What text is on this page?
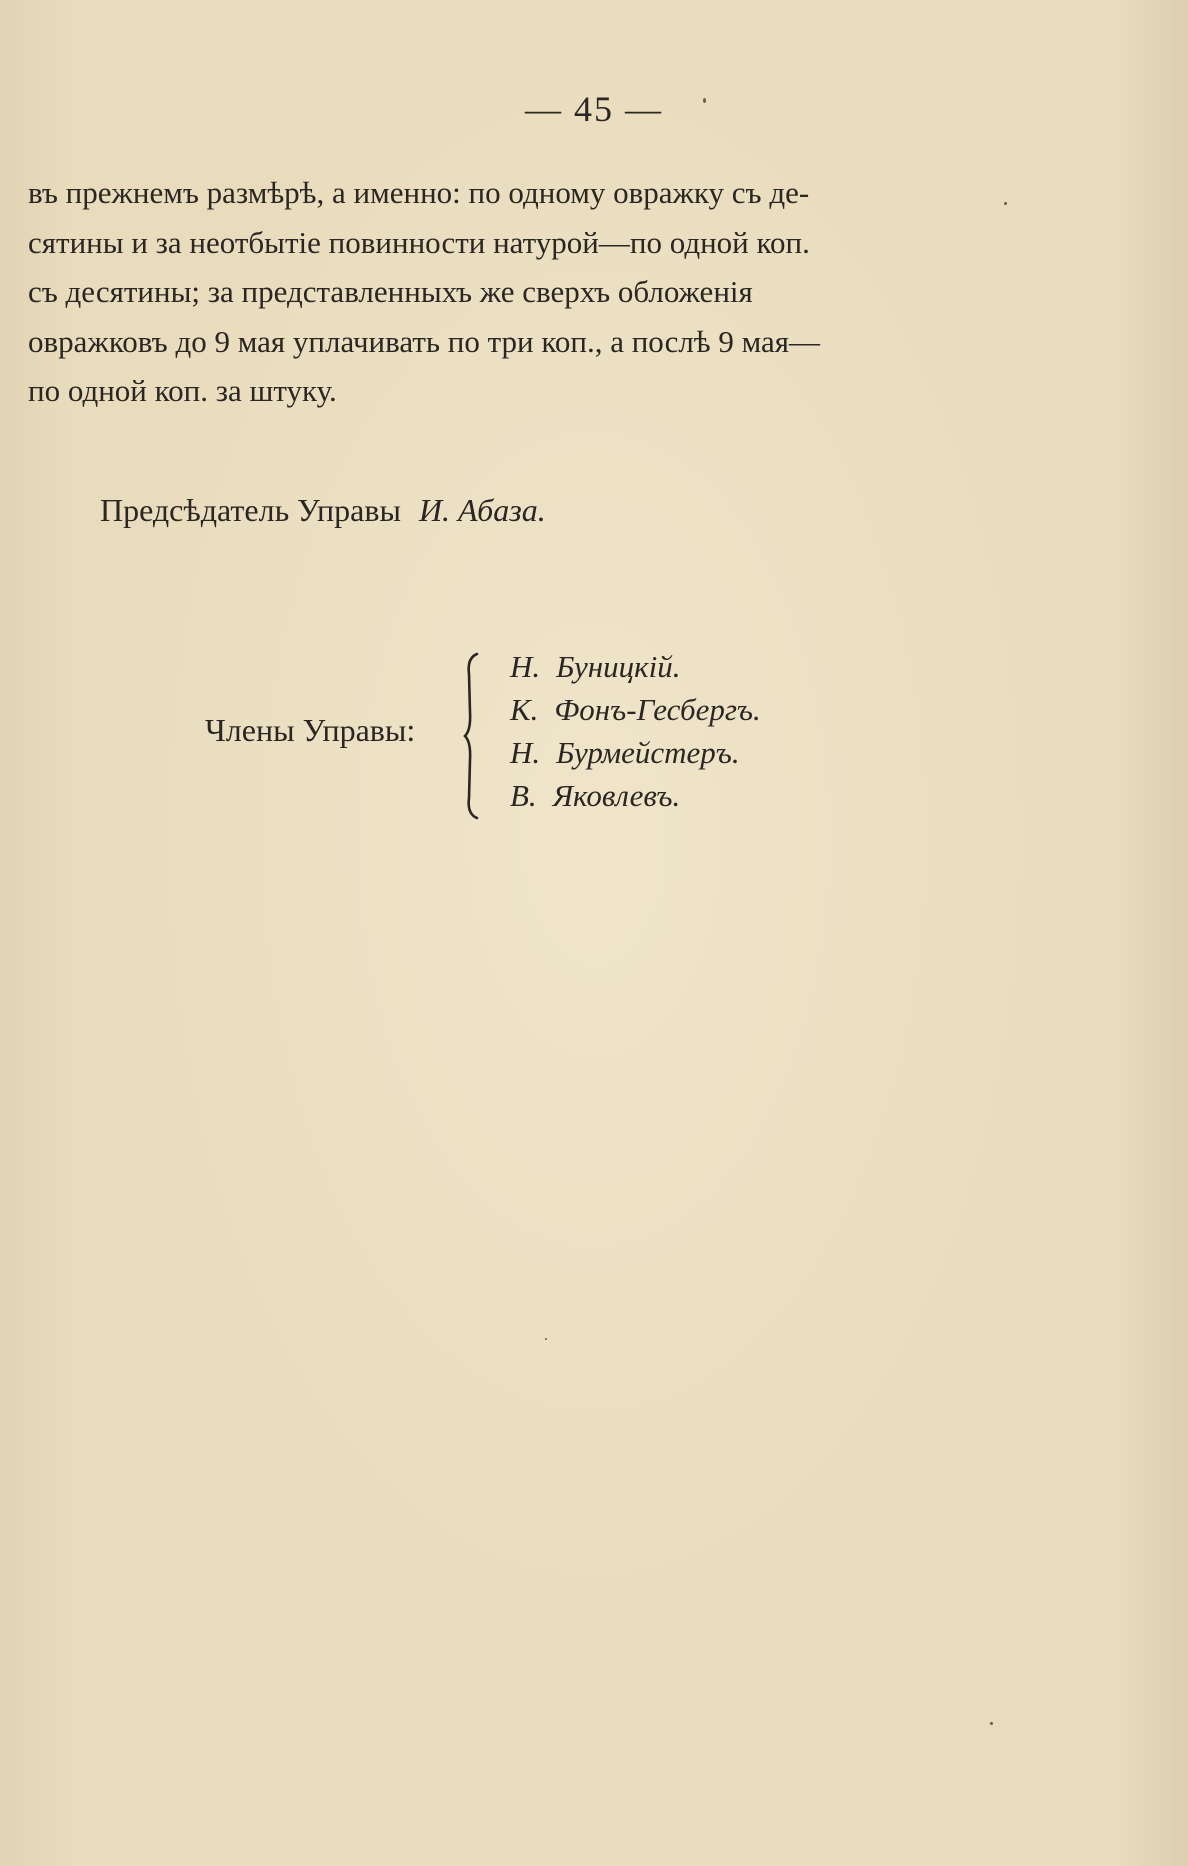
— 45 —

въ прежнемъ размѣрѣ, а именно: по одному овражку съ де-

сятины и за неотбытіе повинности натурой—по одной коп.

съ десятины; за представленныхъ же сверхъ обложенія

овражковъ до 9 мая уплачивать по три коп., а послѣ 9 мая—

по одной коп. за штуку.

Предсѣдатель Управы И. Абаза.
Члены Управы:
Н. Буницкій.
К. Фонъ-Гесбергъ.
Н. Бурмейстеръ.
В. Яковлевъ.
